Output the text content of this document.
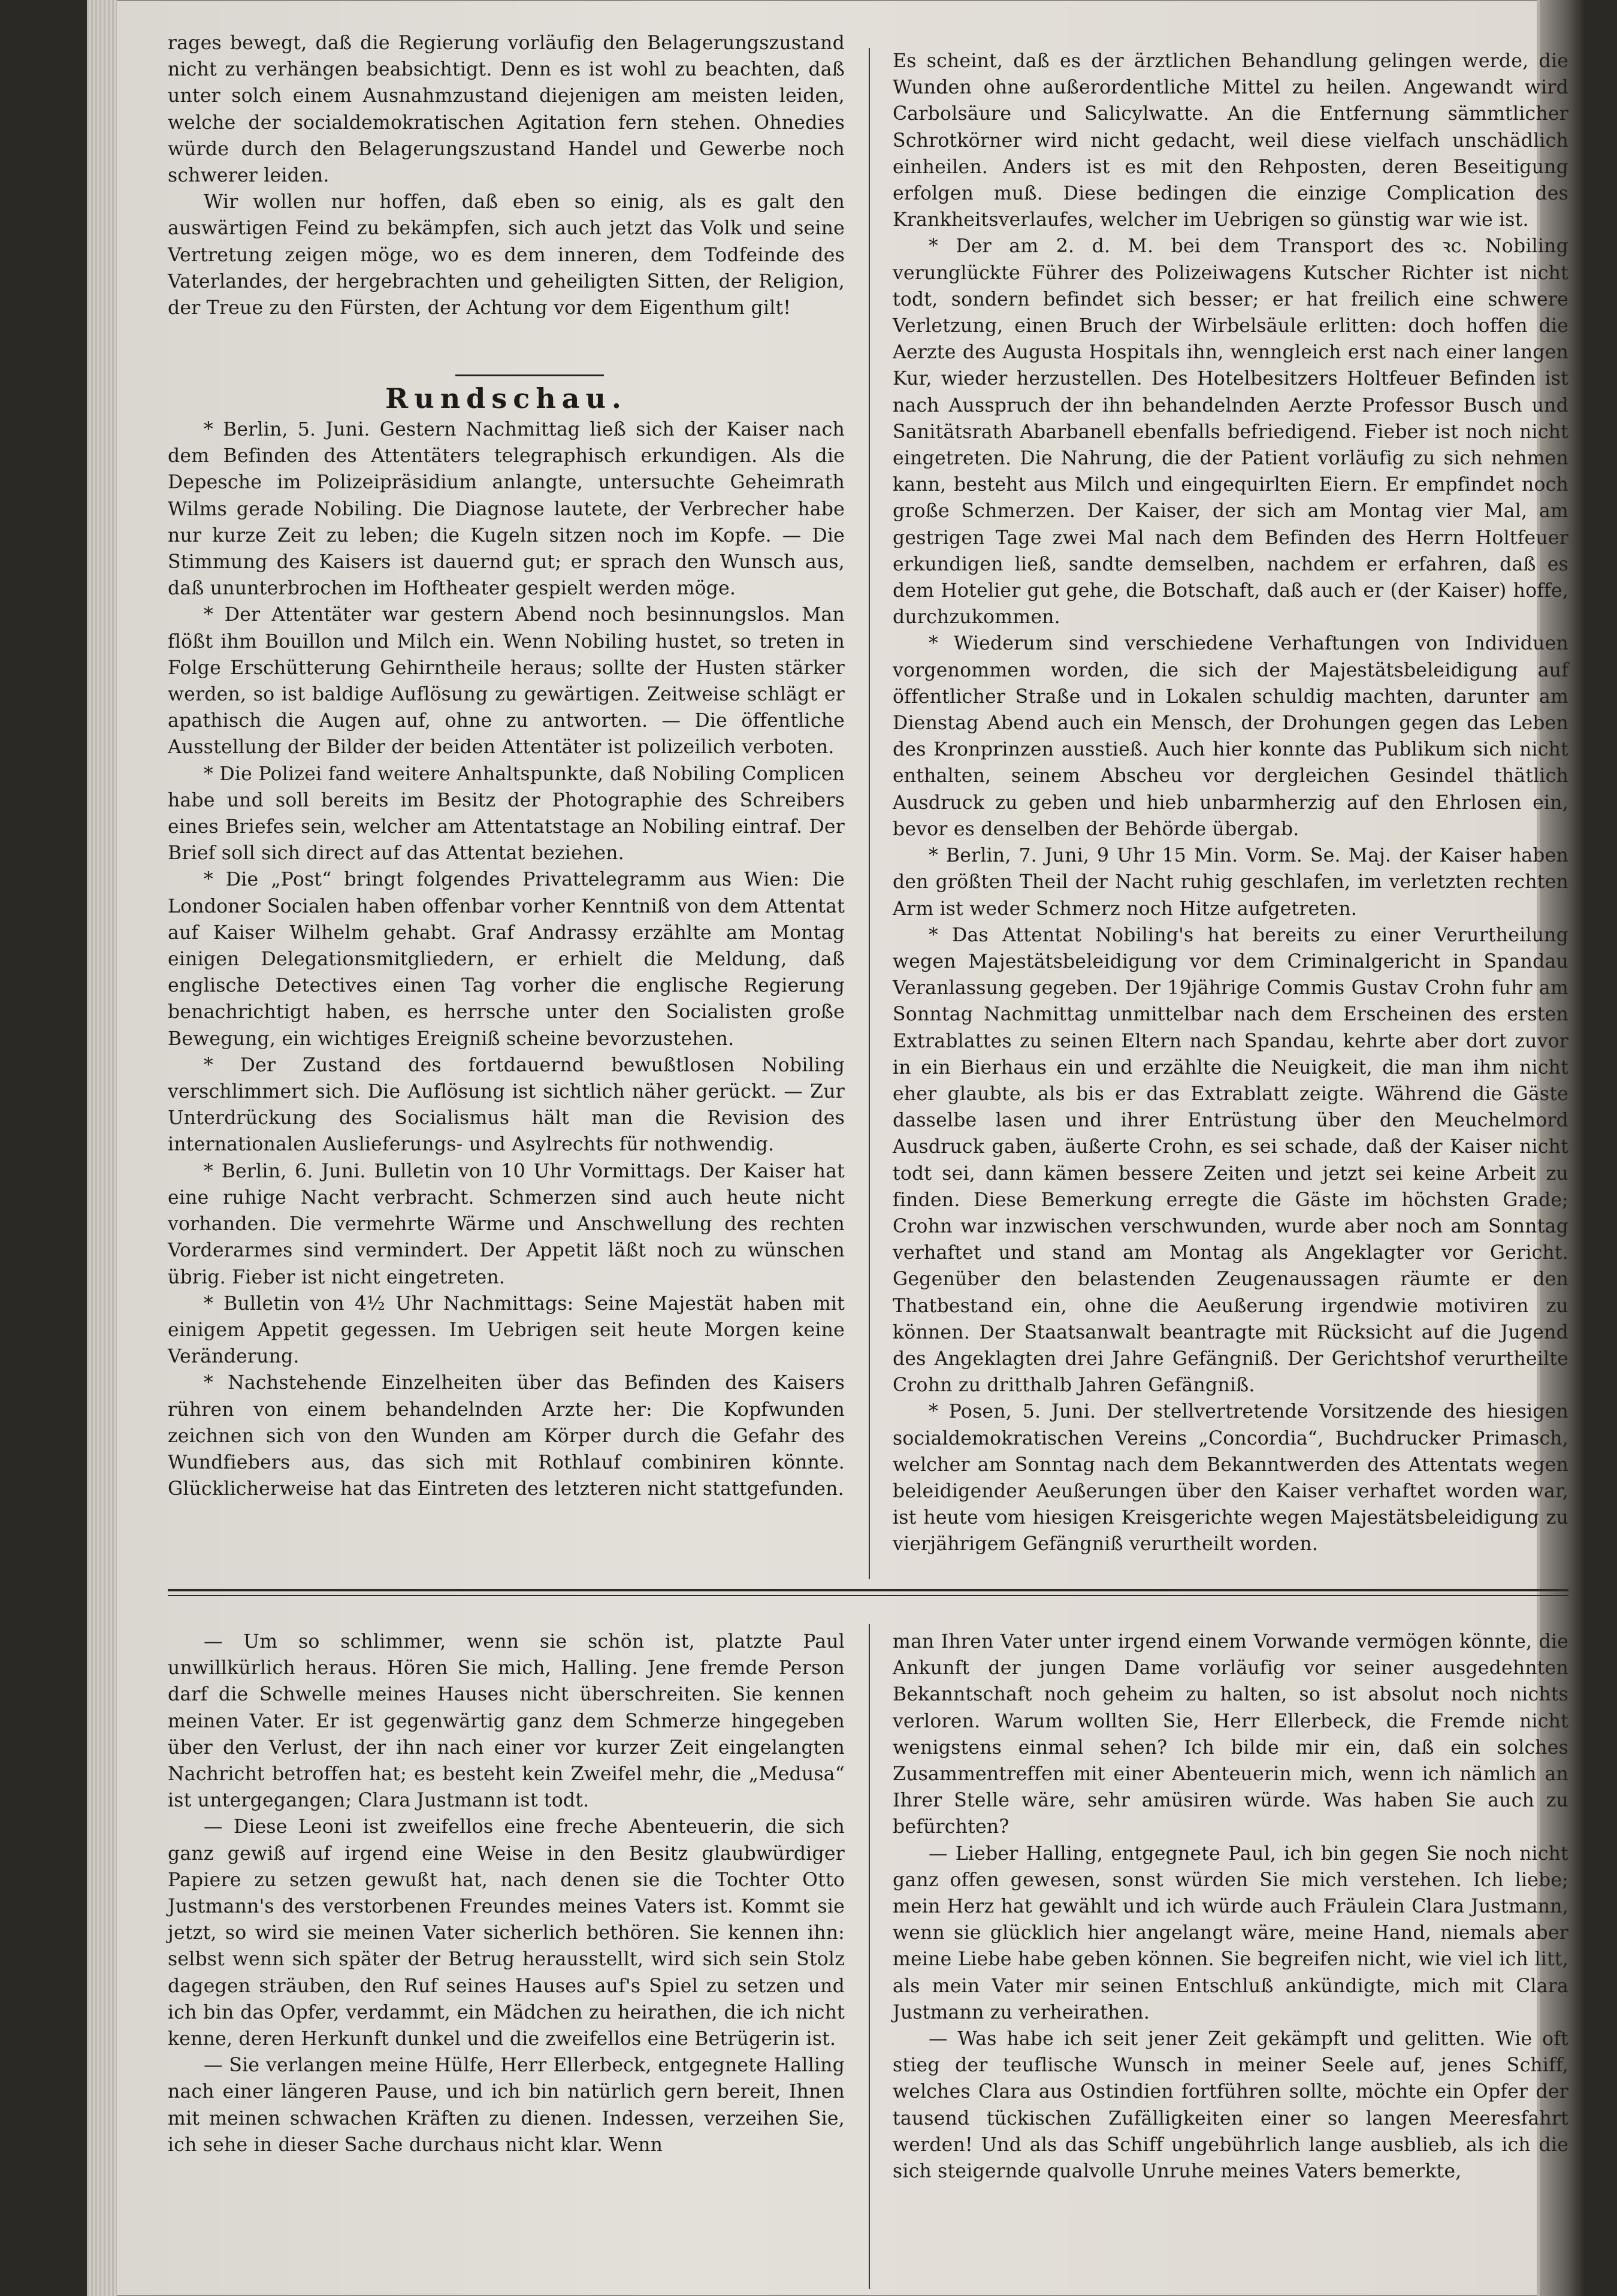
rages bewegt, daß die Regierung vorläufig den Belagerungszustand nicht zu verhängen beabsichtigt. Denn es ist wohl zu beachten, daß unter solch einem Ausnahmzustand diejenigen am meisten leiden, welche der socialdemokratischen Agitation fern stehen. Ohnedies würde durch den Belagerungszustand Handel und Gewerbe noch schwerer leiden.

Wir wollen nur hoffen, daß eben so einig, als es galt den auswärtigen Feind zu bekämpfen, sich auch jetzt das Volk und seine Vertretung zeigen möge, wo es dem inneren, dem Todfeinde des Vaterlandes, der hergebrachten und geheiligten Sitten, der Religion, der Treue zu den Fürsten, der Achtung vor dem Eigenthum gilt!

Rundschau.

* Berlin, 5. Juni. Gestern Nachmittag ließ sich der Kaiser nach dem Befinden des Attentäters telegraphisch erkundigen. Als die Depesche im Polizeipräsidium anlangte, untersuchte Geheimrath Wilms gerade Nobiling. Die Diagnose lautete, der Verbrecher habe nur kurze Zeit zu leben; die Kugeln sitzen noch im Kopfe. — Die Stimmung des Kaisers ist dauernd gut; er sprach den Wunsch aus, daß ununterbrochen im Hoftheater gespielt werden möge.

* Der Attentäter war gestern Abend noch besinnungslos. Man flößt ihm Bouillon und Milch ein. Wenn Nobiling hustet, so treten in Folge Erschütterung Gehirntheile heraus; sollte der Husten stärker werden, so ist baldige Auflösung zu gewärtigen. Zeitweise schlägt er apathisch die Augen auf, ohne zu antworten. — Die öffentliche Ausstellung der Bilder der beiden Attentäter ist polizeilich verboten.

* Die Polizei fand weitere Anhaltspunkte, daß Nobiling Complicen habe und soll bereits im Besitz der Photographie des Schreibers eines Briefes sein, welcher am Attentatstage an Nobiling eintraf. Der Brief soll sich direct auf das Attentat beziehen.

* Die „Post“ bringt folgendes Privattelegramm aus Wien: Die Londoner Socialen haben offenbar vorher Kenntniß von dem Attentat auf Kaiser Wilhelm gehabt. Graf Andrassy erzählte am Montag einigen Delegationsmitgliedern, er erhielt die Meldung, daß englische Detectives einen Tag vorher die englische Regierung benachrichtigt haben, es herrsche unter den Socialisten große Bewegung, ein wichtiges Ereigniß scheine bevorzustehen.

* Der Zustand des fortdauernd bewußtlosen Nobiling verschlimmert sich. Die Auflösung ist sichtlich näher gerückt. — Zur Unterdrückung des Socialismus hält man die Revision des internationalen Auslieferungs- und Asylrechts für nothwendig.

* Berlin, 6. Juni. Bulletin von 10 Uhr Vormittags. Der Kaiser hat eine ruhige Nacht verbracht. Schmerzen sind auch heute nicht vorhanden. Die vermehrte Wärme und Anschwellung des rechten Vorderarmes sind vermindert. Der Appetit läßt noch zu wünschen übrig. Fieber ist nicht eingetreten.

* Bulletin von 4½ Uhr Nachmittags: Seine Majestät haben mit einigem Appetit gegessen. Im Uebrigen seit heute Morgen keine Veränderung.

* Nachstehende Einzelheiten über das Befinden des Kaisers rühren von einem behandelnden Arzte her: Die Kopfwunden zeichnen sich von den Wunden am Körper durch die Gefahr des Wundfiebers aus, das sich mit Rothlauf combiniren könnte. Glücklicherweise hat das Eintreten des letzteren nicht stattgefunden.

Es scheint, daß es der ärztlichen Behandlung gelingen werde, die Wunden ohne außerordentliche Mittel zu heilen. Angewandt wird Carbolsäure und Salicylwatte. An die Entfernung sämmtlicher Schrotkörner wird nicht gedacht, weil diese vielfach unschädlich einheilen. Anders ist es mit den Rehposten, deren Beseitigung erfolgen muß. Diese bedingen die einzige Complication des Krankheitsverlaufes, welcher im Uebrigen so günstig war wie ist.

* Der am 2. d. M. bei dem Transport des ꝛc. Nobiling verunglückte Führer des Polizeiwagens Kutscher Richter ist nicht todt, sondern befindet sich besser; er hat freilich eine schwere Verletzung, einen Bruch der Wirbelsäule erlitten: doch hoffen die Aerzte des Augusta Hospitals ihn, wenngleich erst nach einer langen Kur, wieder herzustellen. Des Hotelbesitzers Holtfeuer Befinden ist nach Ausspruch der ihn behandelnden Aerzte Professor Busch und Sanitätsrath Abarbanell ebenfalls befriedigend. Fieber ist noch nicht eingetreten. Die Nahrung, die der Patient vorläufig zu sich nehmen kann, besteht aus Milch und eingequirlten Eiern. Er empfindet noch große Schmerzen. Der Kaiser, der sich am Montag vier Mal, am gestrigen Tage zwei Mal nach dem Befinden des Herrn Holtfeuer erkundigen ließ, sandte demselben, nachdem er erfahren, daß es dem Hotelier gut gehe, die Botschaft, daß auch er (der Kaiser) hoffe, durchzukommen.

* Wiederum sind verschiedene Verhaftungen von Individuen vorgenommen worden, die sich der Majestätsbeleidigung auf öffentlicher Straße und in Lokalen schuldig machten, darunter am Dienstag Abend auch ein Mensch, der Drohungen gegen das Leben des Kronprinzen ausstieß. Auch hier konnte das Publikum sich nicht enthalten, seinem Abscheu vor dergleichen Gesindel thätlich Ausdruck zu geben und hieb unbarmherzig auf den Ehrlosen ein, bevor es denselben der Behörde übergab.

* Berlin, 7. Juni, 9 Uhr 15 Min. Vorm. Se. Maj. der Kaiser haben den größten Theil der Nacht ruhig geschlafen, im verletzten rechten Arm ist weder Schmerz noch Hitze aufgetreten.

* Das Attentat Nobiling's hat bereits zu einer Verurtheilung wegen Majestätsbeleidigung vor dem Criminalgericht in Spandau Veranlassung gegeben. Der 19jährige Commis Gustav Crohn fuhr am Sonntag Nachmittag unmittelbar nach dem Erscheinen des ersten Extrablattes zu seinen Eltern nach Spandau, kehrte aber dort zuvor in ein Bierhaus ein und erzählte die Neuigkeit, die man ihm nicht eher glaubte, als bis er das Extrablatt zeigte. Während die Gäste dasselbe lasen und ihrer Entrüstung über den Meuchelmord Ausdruck gaben, äußerte Crohn, es sei schade, daß der Kaiser nicht todt sei, dann kämen bessere Zeiten und jetzt sei keine Arbeit zu finden. Diese Bemerkung erregte die Gäste im höchsten Grade; Crohn war inzwischen verschwunden, wurde aber noch am Sonntag verhaftet und stand am Montag als Angeklagter vor Gericht. Gegenüber den belastenden Zeugenaussagen räumte er den Thatbestand ein, ohne die Aeußerung irgendwie motiviren zu können. Der Staatsanwalt beantragte mit Rücksicht auf die Jugend des Angeklagten drei Jahre Gefängniß. Der Gerichtshof verurtheilte Crohn zu dritthalb Jahren Gefängniß.

* Posen, 5. Juni. Der stellvertretende Vorsitzende des hiesigen socialdemokratischen Vereins „Concordia“, Buchdrucker Primasch, welcher am Sonntag nach dem Bekanntwerden des Attentats wegen beleidigender Aeußerungen über den Kaiser verhaftet worden war, ist heute vom hiesigen Kreisgerichte wegen Majestätsbeleidigung zu vierjährigem Gefängniß verurtheilt worden.

— Um so schlimmer, wenn sie schön ist, platzte Paul unwillkürlich heraus. Hören Sie mich, Halling. Jene fremde Person darf die Schwelle meines Hauses nicht überschreiten. Sie kennen meinen Vater. Er ist gegenwärtig ganz dem Schmerze hingegeben über den Verlust, der ihn nach einer vor kurzer Zeit eingelangten Nachricht betroffen hat; es besteht kein Zweifel mehr, die „Medusa“ ist untergegangen; Clara Justmann ist todt.

— Diese Leoni ist zweifellos eine freche Abenteuerin, die sich ganz gewiß auf irgend eine Weise in den Besitz glaubwürdiger Papiere zu setzen gewußt hat, nach denen sie die Tochter Otto Justmann's des verstorbenen Freundes meines Vaters ist. Kommt sie jetzt, so wird sie meinen Vater sicherlich bethören. Sie kennen ihn: selbst wenn sich später der Betrug herausstellt, wird sich sein Stolz dagegen sträuben, den Ruf seines Hauses auf's Spiel zu setzen und ich bin das Opfer, verdammt, ein Mädchen zu heirathen, die ich nicht kenne, deren Herkunft dunkel und die zweifellos eine Betrügerin ist.

— Sie verlangen meine Hülfe, Herr Ellerbeck, entgegnete Halling nach einer längeren Pause, und ich bin natürlich gern bereit, Ihnen mit meinen schwachen Kräften zu dienen. Indessen, verzeihen Sie, ich sehe in dieser Sache durchaus nicht klar. Wenn

man Ihren Vater unter irgend einem Vorwande vermögen könnte, die Ankunft der jungen Dame vorläufig vor seiner ausgedehnten Bekanntschaft noch geheim zu halten, so ist absolut noch nichts verloren. Warum wollten Sie, Herr Ellerbeck, die Fremde nicht wenigstens einmal sehen? Ich bilde mir ein, daß ein solches Zusammentreffen mit einer Abenteuerin mich, wenn ich nämlich an Ihrer Stelle wäre, sehr amüsiren würde. Was haben Sie auch zu befürchten?

— Lieber Halling, entgegnete Paul, ich bin gegen Sie noch nicht ganz offen gewesen, sonst würden Sie mich verstehen. Ich liebe; mein Herz hat gewählt und ich würde auch Fräulein Clara Justmann, wenn sie glücklich hier angelangt wäre, meine Hand, niemals aber meine Liebe habe geben können. Sie begreifen nicht, wie viel ich litt, als mein Vater mir seinen Entschluß ankündigte, mich mit Clara Justmann zu verheirathen.

— Was habe ich seit jener Zeit gekämpft und gelitten. Wie oft stieg der teuflische Wunsch in meiner Seele auf, jenes Schiff, welches Clara aus Ostindien fortführen sollte, möchte ein Opfer der tausend tückischen Zufälligkeiten einer so langen Meeresfahrt werden! Und als das Schiff ungebührlich lange ausblieb, als ich die sich steigernde qualvolle Unruhe meines Vaters bemerkte,
